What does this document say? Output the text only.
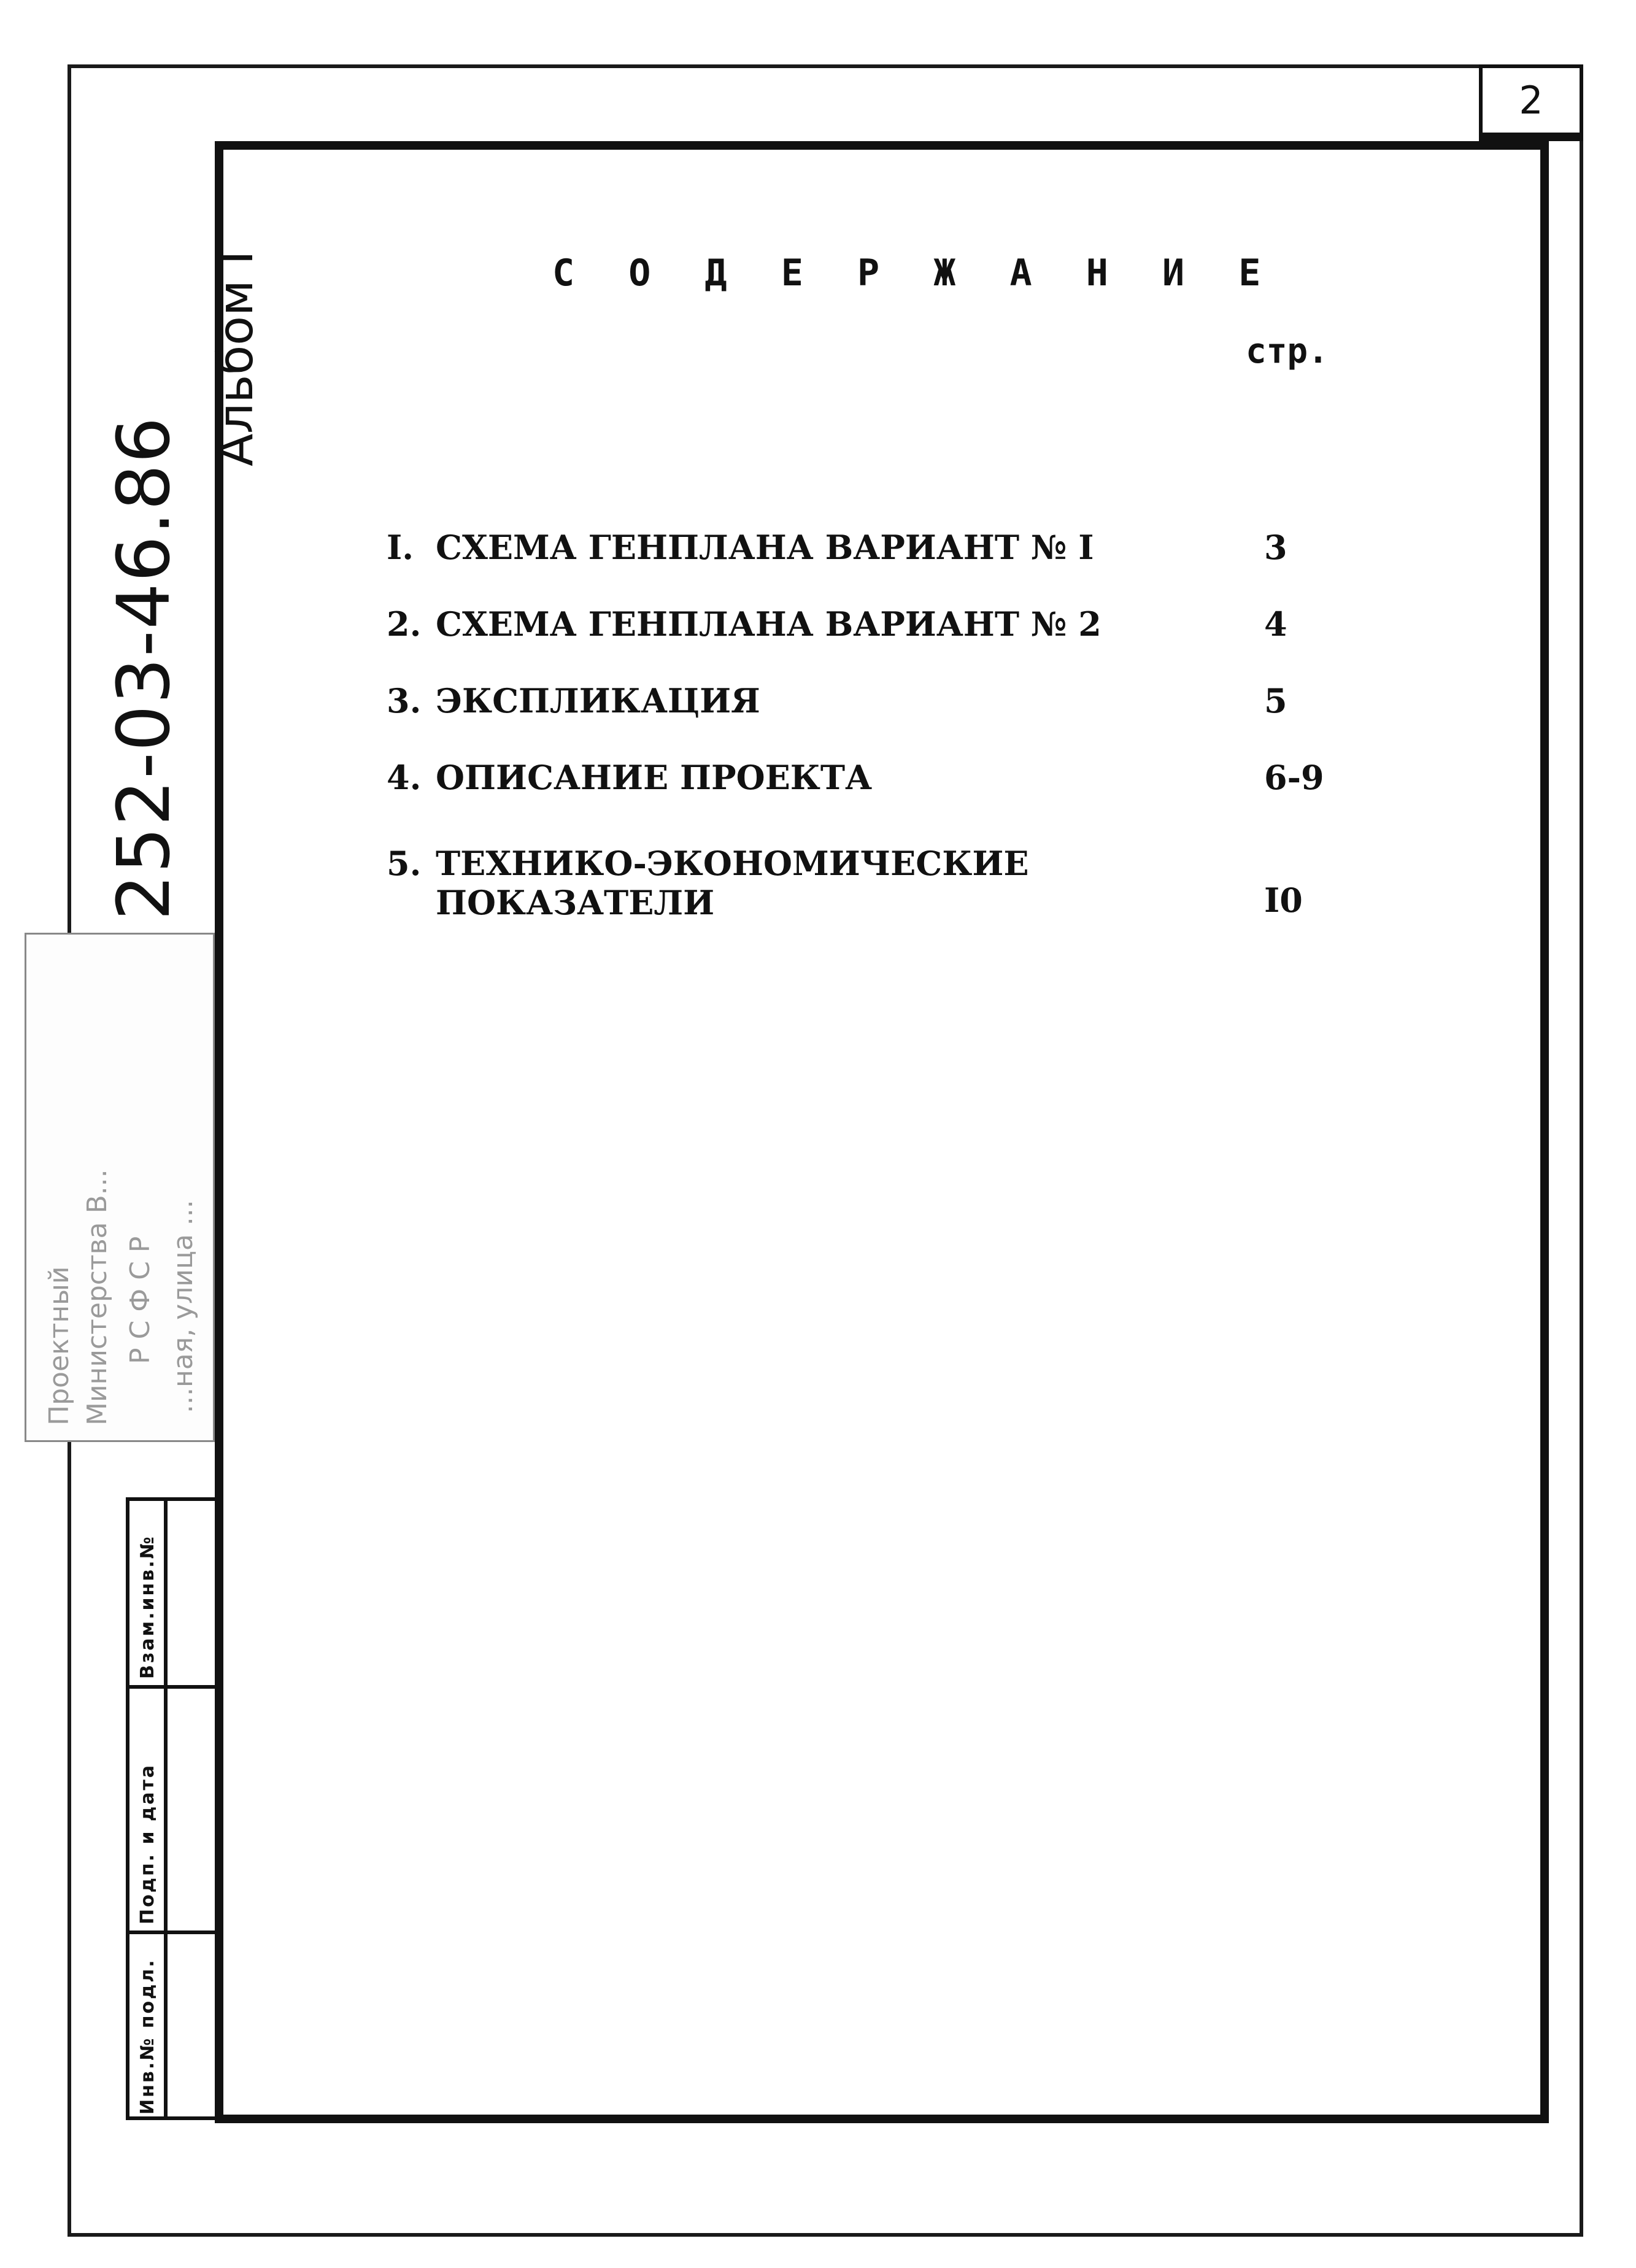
2
С О Д Е Р Ж А Н И Е
стр.
I. СХЕМА ГЕНПЛАНА ВАРИАНТ № I	3
2. СХЕМА ГЕНПЛАНА ВАРИАНТ № 2	4
3. ЭКСПЛИКАЦИЯ	5
4. ОПИСАНИЕ ПРОЕКТА	6-9
5. ТЕХНИКО-ЭКОНОМИЧЕСКИЕ
ПОКАЗАТЕЛИ	I0
252-03-46.86
Альбом I
Проектный Министерства В... Р С Ф С Р ...ная, улица ...
Инв.№ подл.
Подп. и дата
Взам.инв.№
